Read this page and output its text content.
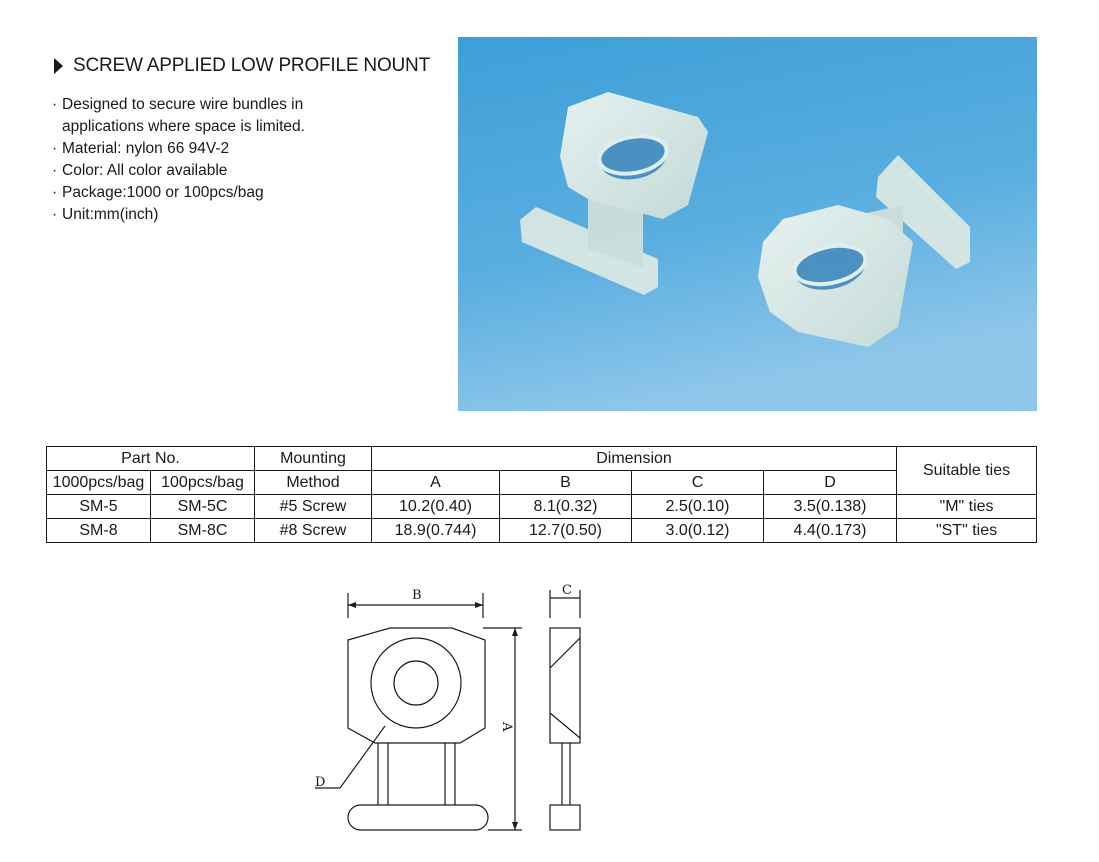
SCREW APPLIED LOW PROFILE NOUNT
· Designed to secure wire bundles in applications where space is limited.
· Material: nylon 66 94V-2
· Color: All color available
· Package:1000 or 100pcs/bag
· Unit:mm(inch)
Part No.		Mounting	Dimension				Suitable ties
1000pcs/bag	100pcs/bag	Method	A	B	C	D	
SM-5	SM-5C	#5 Screw	10.2(0.40)	8.1(0.32)	2.5(0.10)	3.5(0.138)	"M" ties
SM-8	SM-8C	#8 Screw	18.9(0.744)	12.7(0.50)	3.0(0.12)	4.4(0.173)	"ST" ties
B
D
A
C
